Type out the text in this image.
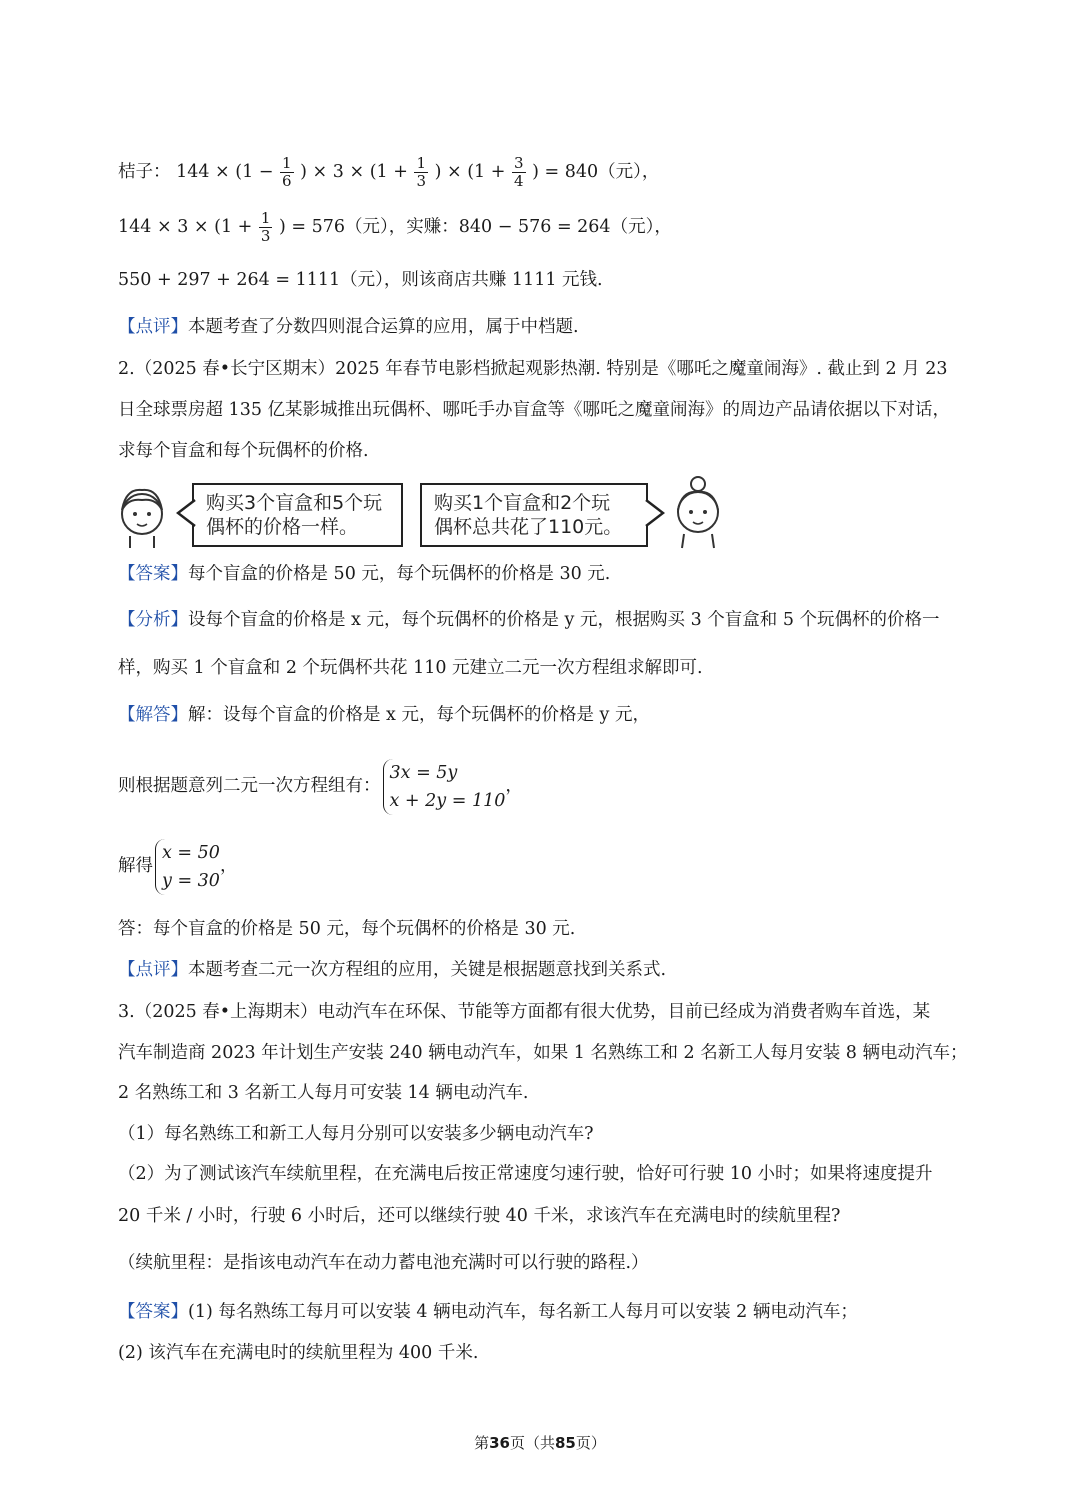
桔子： $144 \times (1 - \frac{1}{6}$ ) × $3 \times (1 + \frac{1}{3}$ ) × ($1 + \frac{3}{4}$ ) = 840（元），
$144 \times 3 \times (1 + \frac{1}{3}$ ) = 576（元），实赚：840 − 576 = 264（元），
550 + 297 + 264 = 1111（元），则该商店共赚 1111 元钱.
【点评】本题考查了分数四则混合运算的应用，属于中档题.
2.（2025 春•长宁区期末）2025 年春节电影档掀起观影热潮. 特别是《哪吒之魔童闹海》. 截止到 2 月 23
日全球票房超 135 亿某影城推出玩偶杯、哪吒手办盲盒等《哪吒之魔童闹海》的周边产品请依据以下对话，
求每个盲盒和每个玩偶杯的价格.
购买3个盲盒和5个玩
偶杯的价格一样。
购买1个盲盒和2个玩
偶杯总共花了110元。
【答案】每个盲盒的价格是 50 元，每个玩偶杯的价格是 30 元.
【分析】设每个盲盒的价格是 x 元，每个玩偶杯的价格是 y 元，根据购买 3 个盲盒和 5 个玩偶杯的价格一
样，购买 1 个盲盒和 2 个玩偶杯共花 110 元建立二元一次方程组求解即可.
【解答】解：设每个盲盒的价格是 x 元，每个玩偶杯的价格是 y 元，
则根据题意列二元一次方程组有：
3x = 5y
x + 2y = 110
，
解得
x = 50
y = 30
，
答：每个盲盒的价格是 50 元，每个玩偶杯的价格是 30 元.
【点评】本题考查二元一次方程组的应用，关键是根据题意找到关系式.
3.（2025 春•上海期末）电动汽车在环保、节能等方面都有很大优势，目前已经成为消费者购车首选，某
汽车制造商 2023 年计划生产安装 240 辆电动汽车，如果 1 名熟练工和 2 名新工人每月安装 8 辆电动汽车；
2 名熟练工和 3 名新工人每月可安装 14 辆电动汽车.
（1）每名熟练工和新工人每月分别可以安装多少辆电动汽车?
（2）为了测试该汽车续航里程，在充满电后按正常速度匀速行驶，恰好可行驶 10 小时；如果将速度提升
20 千米 / 小时，行驶 6 小时后，还可以继续行驶 40 千米，求该汽车在充满电时的续航里程?
（续航里程：是指该电动汽车在动力蓄电池充满时可以行驶的路程.）
【答案】(1) 每名熟练工每月可以安装 4 辆电动汽车，每名新工人每月可以安装 2 辆电动汽车；
(2) 该汽车在充满电时的续航里程为 400 千米.
第36页（共85页）
